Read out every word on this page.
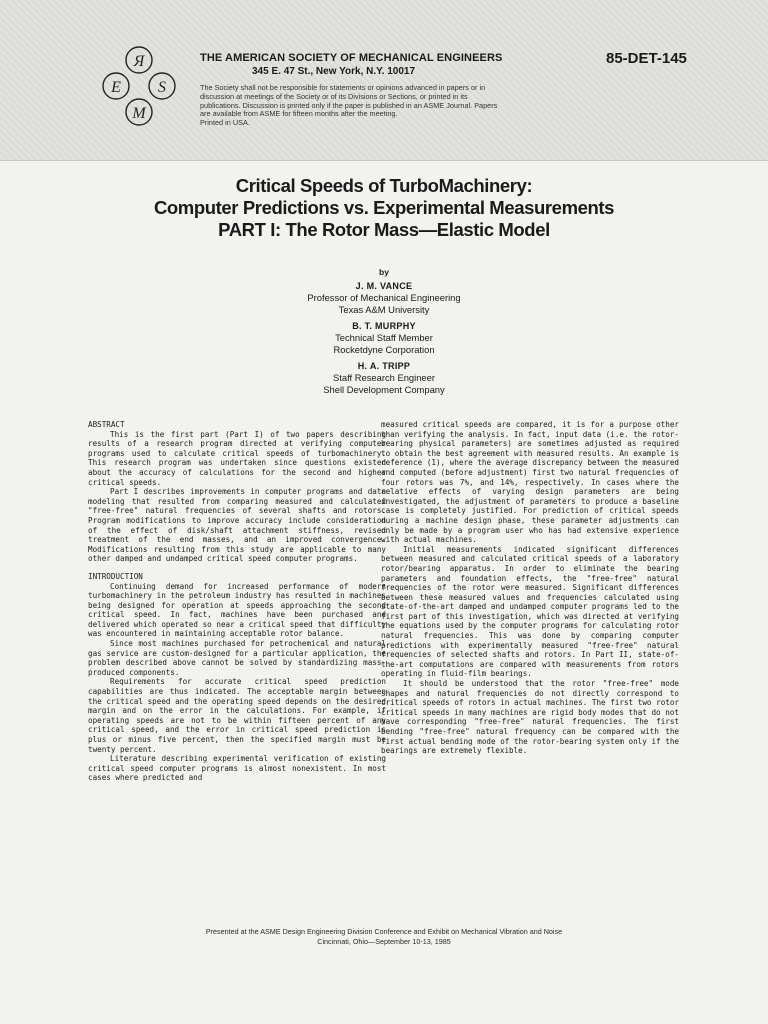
Я
E S
M
THE AMERICAN SOCIETY OF MECHANICAL ENGINEERS
345 E. 47 St., New York, N.Y. 10017
85-DET-145

The Society shall not be responsible for statements or opinions advanced in papers or in discussion at meetings of the Society or of its Divisions or Sections, or printed in its publications. Discussion is printed only if the paper is published in an ASME Journal. Papers are available from ASME for fifteen months after the meeting.

Printed in USA.

Critical Speeds of TurboMachinery:
Computer Predictions vs. Experimental Measurements
PART I: The Rotor Mass—Elastic Model
by
J. M. VANCE
Professor of Mechanical Engineering
Texas A&M University
B. T. MURPHY
Technical Staff Member
Rocketdyne Corporation
H. A. TRIPP
Staff Research Engineer
Shell Development Company

ABSTRACT

This is the first part (Part I) of two papers describing results of a research program directed at verifying computer programs used to calculate critical speeds of turbomachinery. This research program was undertaken since questions existed about the accuracy of calculations for the second and higher critical speeds.

Part I describes improvements in computer programs and data modeling that resulted from comparing measured and calculated "free-free" natural frequencies of several shafts and rotors. Program modifications to improve accuracy include consideration of the effect of disk/shaft attachment stiffness, revised treatment of the end masses, and an improved convergence. Modifications resulting from this study are applicable to many other damped and undamped critical speed computer programs.

INTRODUCTION

Continuing demand for increased performance of modern turbomachinery in the petroleum industry has resulted in machines being designed for operation at speeds approaching the second critical speed. In fact, machines have been purchased and delivered which operated so near a critical speed that difficulty was encountered in maintaining acceptable rotor balance.

Since most machines purchased for petrochemical and natural gas service are custom-designed for a particular application, the problem described above cannot be solved by standardizing mass-produced components.

Requirements for accurate critical speed prediction capabilities are thus indicated. The acceptable margin between the critical speed and the operating speed depends on the desired margin and on the error in the calculations. For example, if operating speeds are not to be within fifteen percent of any critical speed, and the error in critical speed prediction is plus or minus five percent, then the specified margin must be twenty percent.

Literature describing experimental verification of existing critical speed computer programs is almost nonexistent. In most cases where predicted and

measured critical speeds are compared, it is for a purpose other than verifying the analysis. In fact, input data (i.e. the rotor-bearing physical parameters) are sometimes adjusted as required to obtain the best agreement with measured results. An example is reference (1), where the average discrepancy between the measured and computed (before adjustment) first two natural frequencies of four rotors was 7%, and 14%, respectively. In cases where the relative effects of varying design parameters are being investigated, the adjustment of parameters to produce a baseline case is completely justified. For prediction of critical speeds during a machine design phase, these parameter adjustments can only be made by a program user who has had extensive experience with actual machines.

Initial measurements indicated significant differences between measured and calculated critical speeds of a laboratory rotor/bearing apparatus. In order to eliminate the bearing parameters and foundation effects, the "free-free" natural frequencies of the rotor were measured. Significant differences between these measured values and frequencies calculated using state-of-the-art damped and undamped computer programs led to the first part of this investigation, which was directed at verifying the equations used by the computer programs for calculating rotor natural frequencies. This was done by comparing computer predictions with experimentally measured "free-free" natural frequencies of selected shafts and rotors. In Part II, state-of-the-art computations are compared with measurements from rotors operating in fluid-film bearings.

It should be understood that the rotor "free-free" mode shapes and natural frequencies do not directly correspond to critical speeds of rotors in actual machines. The first two rotor critical speeds in many machines are rigid body modes that do not have corresponding "free-free" natural frequencies. The first bending "free-free" natural frequency can be compared with the first actual bending mode of the rotor-bearing system only if the bearings are extremely flexible.

Presented at the ASME Design Engineering Division Conference and Exhibit on Mechanical Vibration and Noise
Cincinnati, Ohio—September 10-13, 1985
